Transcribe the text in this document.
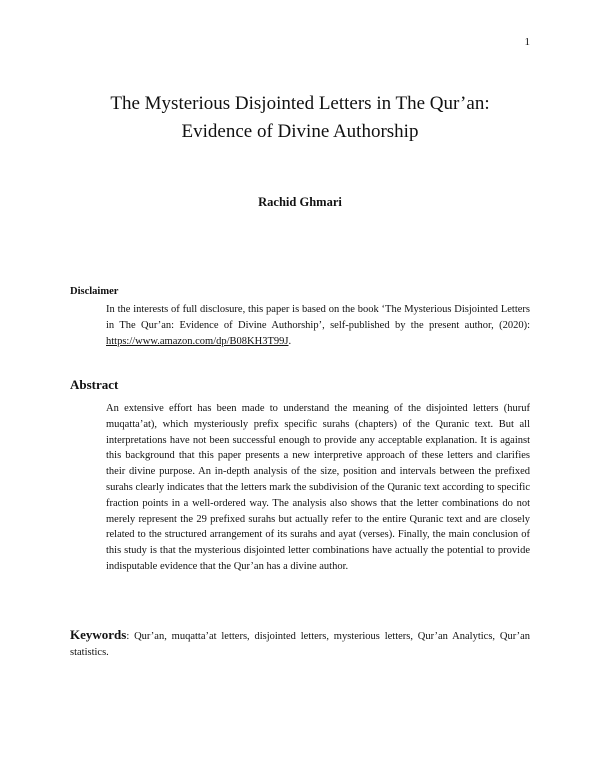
1
The Mysterious Disjointed Letters in The Qur’an:
Evidence of Divine Authorship
Rachid Ghmari
Disclaimer

In the interests of full disclosure, this paper is based on the book ‘The Mysterious Disjointed Letters in The Qur’an: Evidence of Divine Authorship’, self-published by the present author, (2020): https://www.amazon.com/dp/B08KH3T99J.

Abstract

An extensive effort has been made to understand the meaning of the disjointed letters (huruf muqatta’at), which mysteriously prefix specific surahs (chapters) of the Quranic text. But all interpretations have not been successful enough to provide any acceptable explanation. It is against this background that this paper presents a new interpretive approach of these letters and clarifies their divine purpose. An in-depth analysis of the size, position and intervals between the prefixed surahs clearly indicates that the letters mark the subdivision of the Quranic text according to specific fraction points in a well-ordered way. The analysis also shows that the letter combinations do not merely represent the 29 prefixed surahs but actually refer to the entire Quranic text and are closely related to the structured arrangement of its surahs and ayat (verses). Finally, the main conclusion of this study is that the mysterious disjointed letter combinations have actually the potential to provide indisputable evidence that the Qur’an has a divine author.

Keywords: Qur’an, muqatta’at letters, disjointed letters, mysterious letters, Qur’an Analytics, Qur’an statistics.
